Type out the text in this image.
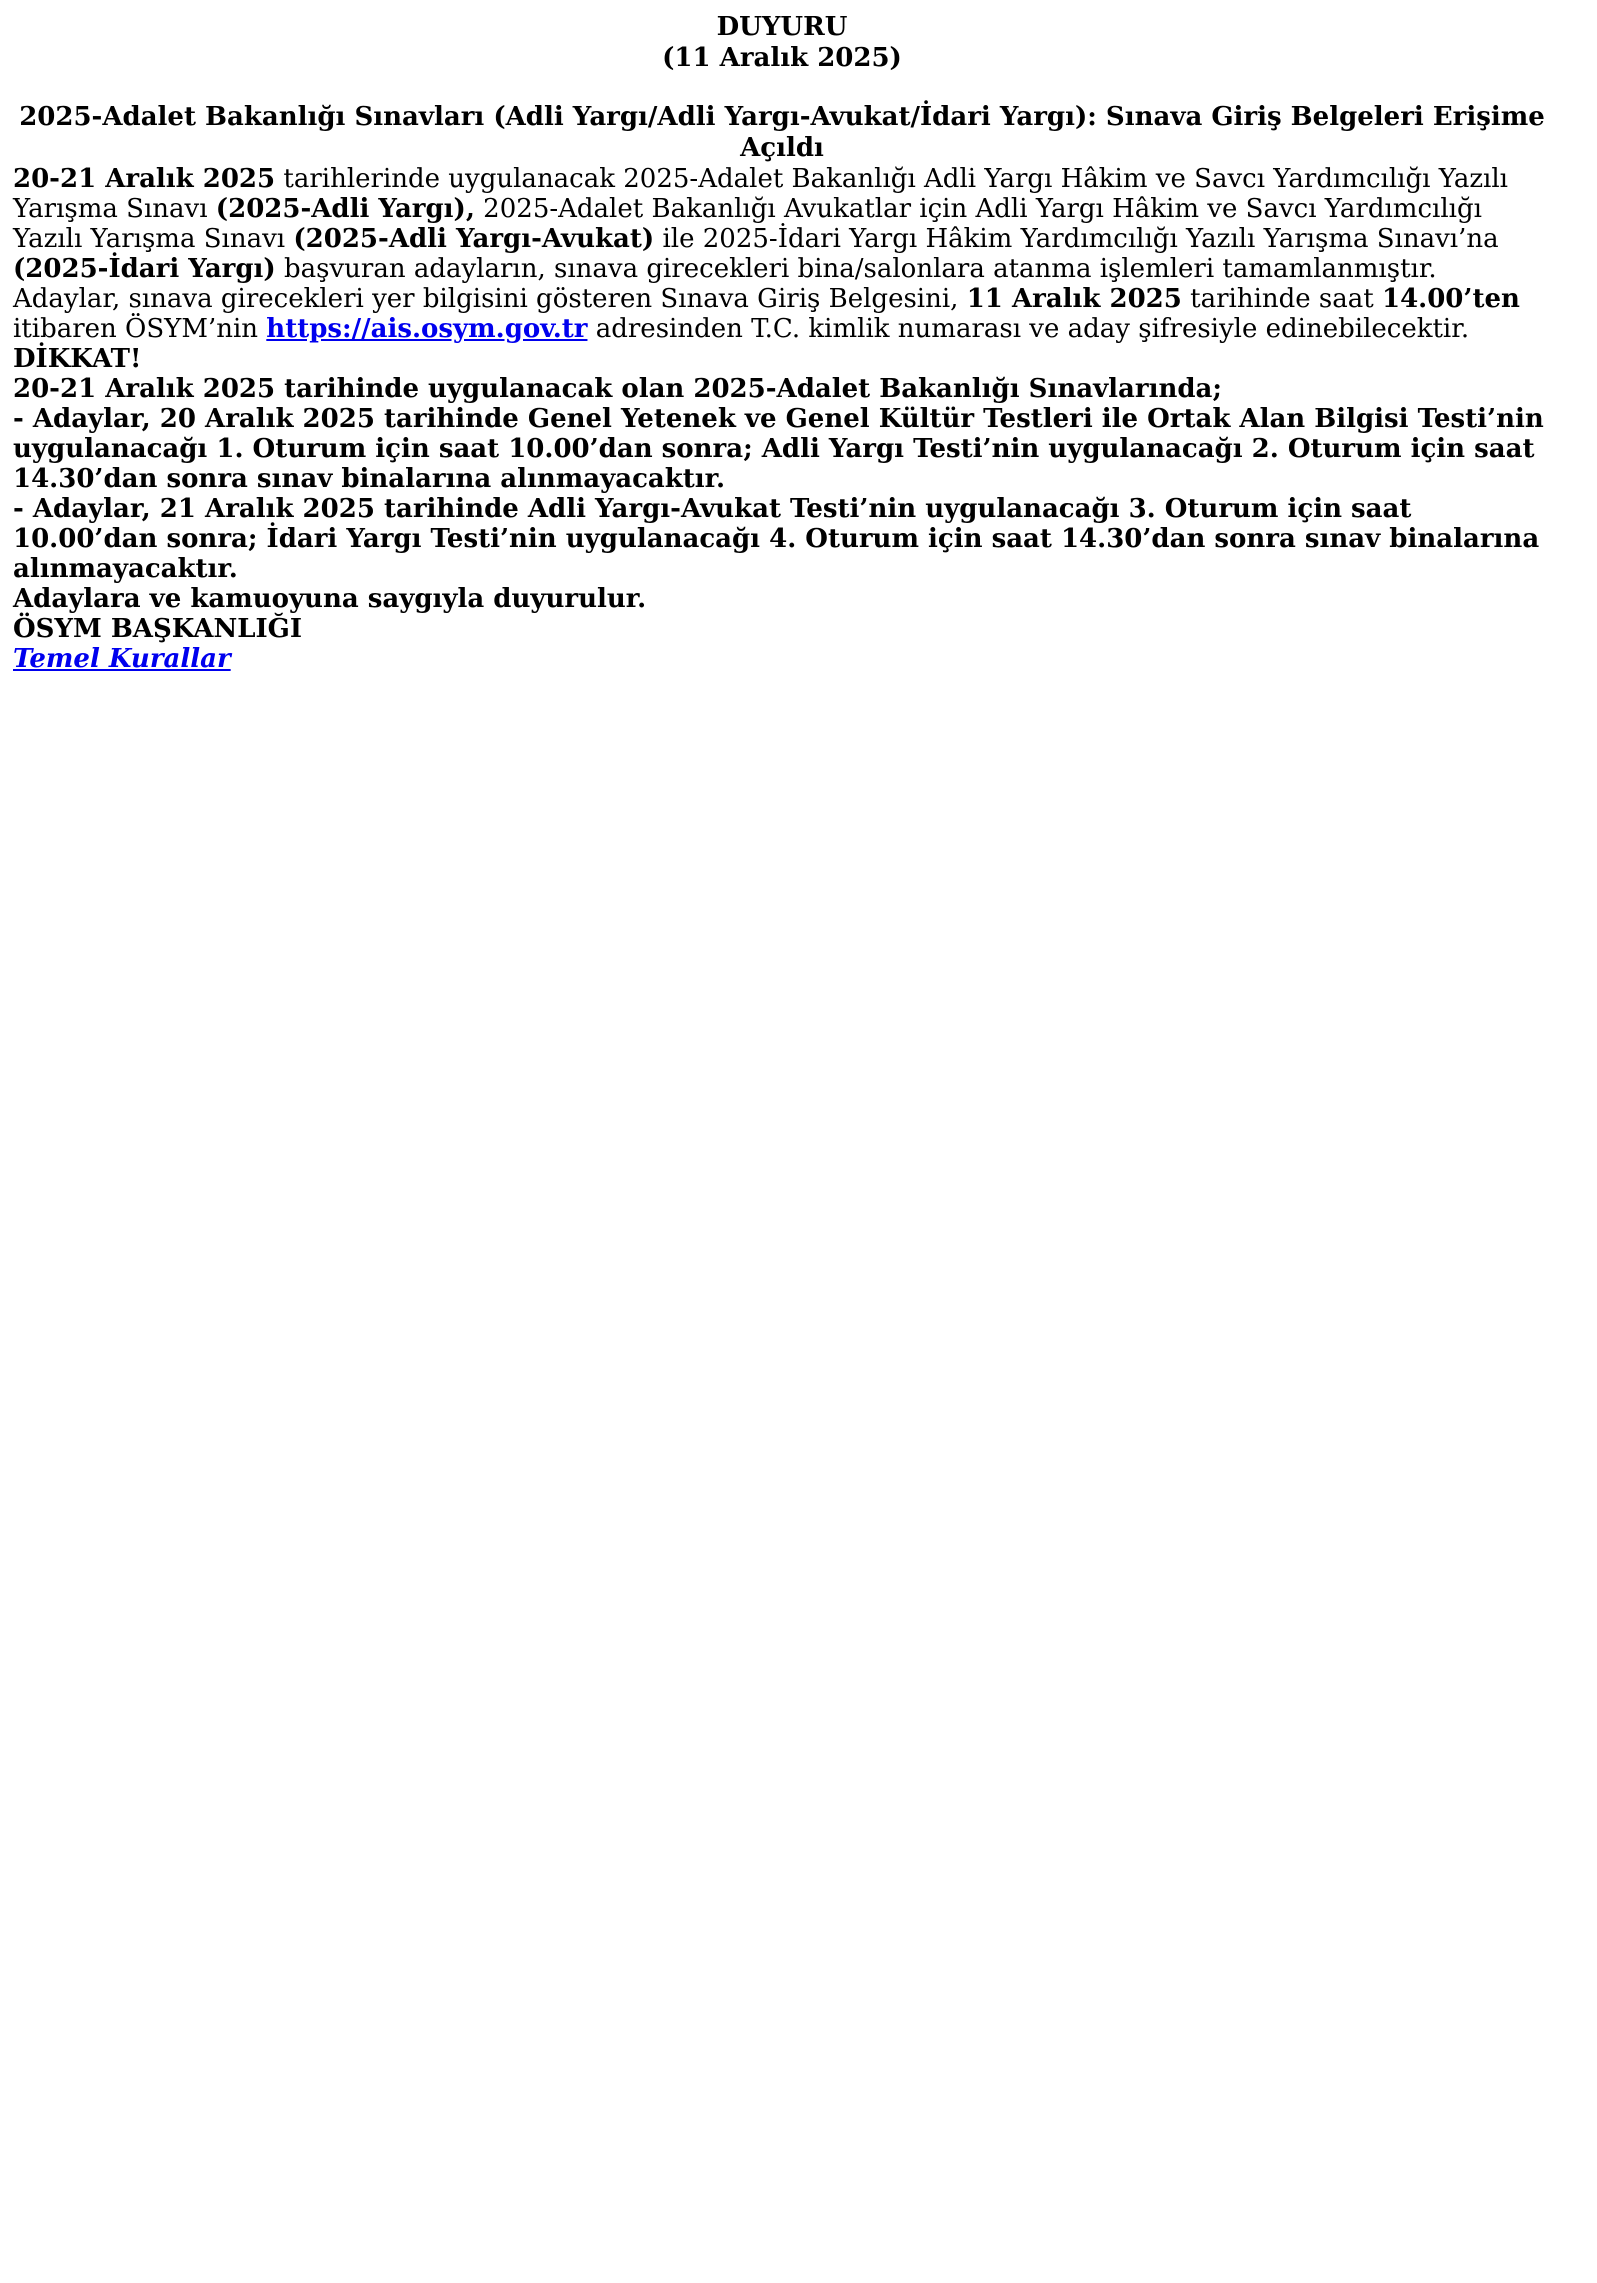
DUYURU
(11 Aralık 2025)
2025-Adalet Bakanlığı Sınavları (Adli Yargı/Adli Yargı-Avukat/İdari Yargı): Sınava Giriş Belgeleri Erişime Açıldı

20-21 Aralık 2025 tarihlerinde uygulanacak 2025-Adalet Bakanlığı Adli Yargı Hâkim ve Savcı Yardımcılığı Yazılı Yarışma Sınavı (2025-Adli Yargı), 2025-Adalet Bakanlığı Avukatlar için Adli Yargı Hâkim ve Savcı Yardımcılığı Yazılı Yarışma Sınavı (2025-Adli Yargı-Avukat) ile 2025-İdari Yargı Hâkim Yardımcılığı Yazılı Yarışma Sınavı’na (2025-İdari Yargı) başvuran adayların, sınava girecekleri bina/salonlara atanma işlemleri tamamlanmıştır.

Adaylar, sınava girecekleri yer bilgisini gösteren Sınava Giriş Belgesini, 11 Aralık 2025 tarihinde saat 14.00’ten itibaren ÖSYM’nin https://ais.osym.gov.tr adresinden T.C. kimlik numarası ve aday şifresiyle edinebilecektir.

DİKKAT!

20-21 Aralık 2025 tarihinde uygulanacak olan 2025-Adalet Bakanlığı Sınavlarında;

- Adaylar, 20 Aralık 2025 tarihinde Genel Yetenek ve Genel Kültür Testleri ile Ortak Alan Bilgisi Testi’nin uygulanacağı 1. Oturum için saat 10.00’dan sonra; Adli Yargı Testi’nin uygulanacağı 2. Oturum için saat 14.30’dan sonra sınav binalarına alınmayacaktır.

- Adaylar, 21 Aralık 2025 tarihinde Adli Yargı-Avukat Testi’nin uygulanacağı 3. Oturum için saat 10.00’dan sonra; İdari Yargı Testi’nin uygulanacağı 4. Oturum için saat 14.30’dan sonra sınav binalarına alınmayacaktır.

Adaylara ve kamuoyuna saygıyla duyurulur.

ÖSYM BAŞKANLIĞI

Temel Kurallar
